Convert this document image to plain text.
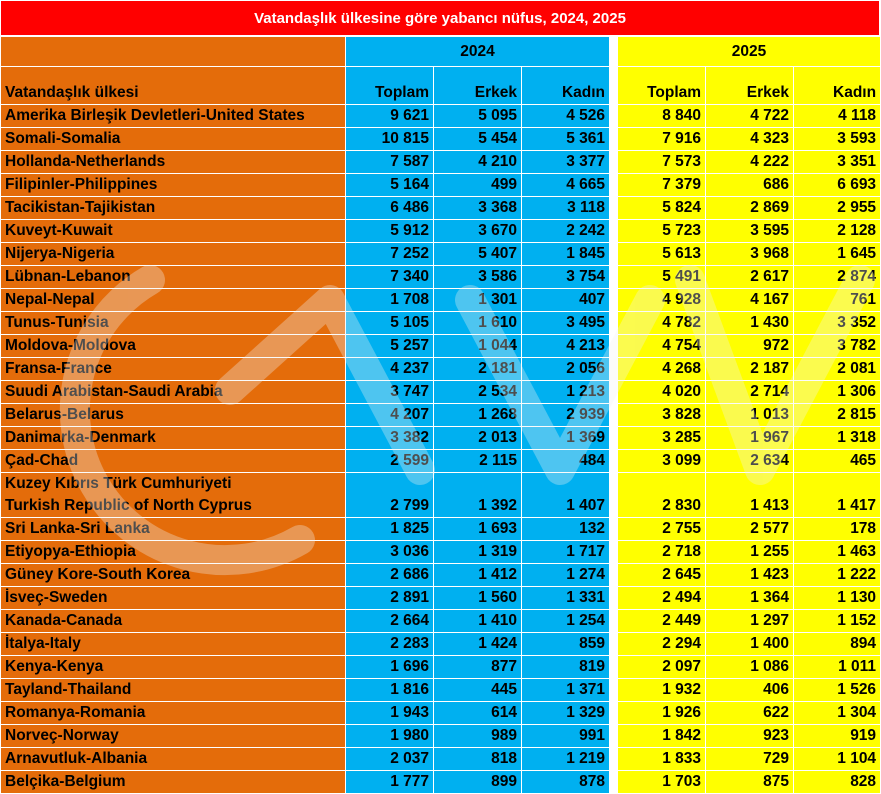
Vatandaşlık ülkesine göre yabancı nüfus, 2024, 2025
	2024				2025		
Vatandaşlık ülkesi	Toplam	Erkek	Kadın		Toplam	Erkek	Kadın
Amerika Birleşik Devletleri-United States	9 621	5 095	4 526		8 840	4 722	4 118
Somali-Somalia	10 815	5 454	5 361		7 916	4 323	3 593
Hollanda-Netherlands	7 587	4 210	3 377		7 573	4 222	3 351
Filipinler-Philippines	5 164	499	4 665		7 379	686	6 693
Tacikistan-Tajikistan	6 486	3 368	3 118		5 824	2 869	2 955
Kuveyt-Kuwait	5 912	3 670	2 242		5 723	3 595	2 128
Nijerya-Nigeria	7 252	5 407	1 845		5 613	3 968	1 645
Lübnan-Lebanon	7 340	3 586	3 754		5 491	2 617	2 874
Nepal-Nepal	1 708	1 301	407		4 928	4 167	761
Tunus-Tunisia	5 105	1 610	3 495		4 782	1 430	3 352
Moldova-Moldova	5 257	1 044	4 213		4 754	972	3 782
Fransa-France	4 237	2 181	2 056		4 268	2 187	2 081
Suudi Arabistan-Saudi Arabia	3 747	2 534	1 213		4 020	2 714	1 306
Belarus-Belarus	4 207	1 268	2 939		3 828	1 013	2 815
Danimarka-Denmark	3 382	2 013	1 369		3 285	1 967	1 318
Çad-Chad	2 599	2 115	484		3 099	2 634	465

Kuzey Kıbrıs Türk Cumhuriyeti
Turkish Republic of North Cyprus	2 799	1 392	1 407		2 830	1 413	1 417
Sri Lanka-Sri Lanka	1 825	1 693	132		2 755	2 577	178
Etiyopya-Ethiopia	3 036	1 319	1 717		2 718	1 255	1 463
Güney Kore-South Korea	2 686	1 412	1 274		2 645	1 423	1 222
İsveç-Sweden	2 891	1 560	1 331		2 494	1 364	1 130
Kanada-Canada	2 664	1 410	1 254		2 449	1 297	1 152
İtalya-Italy	2 283	1 424	859		2 294	1 400	894
Kenya-Kenya	1 696	877	819		2 097	1 086	1 011
Tayland-Thailand	1 816	445	1 371		1 932	406	1 526
Romanya-Romania	1 943	614	1 329		1 926	622	1 304
Norveç-Norway	1 980	989	991		1 842	923	919
Arnavutluk-Albania	2 037	818	1 219		1 833	729	1 104
Belçika-Belgium	1 777	899	878		1 703	875	828
